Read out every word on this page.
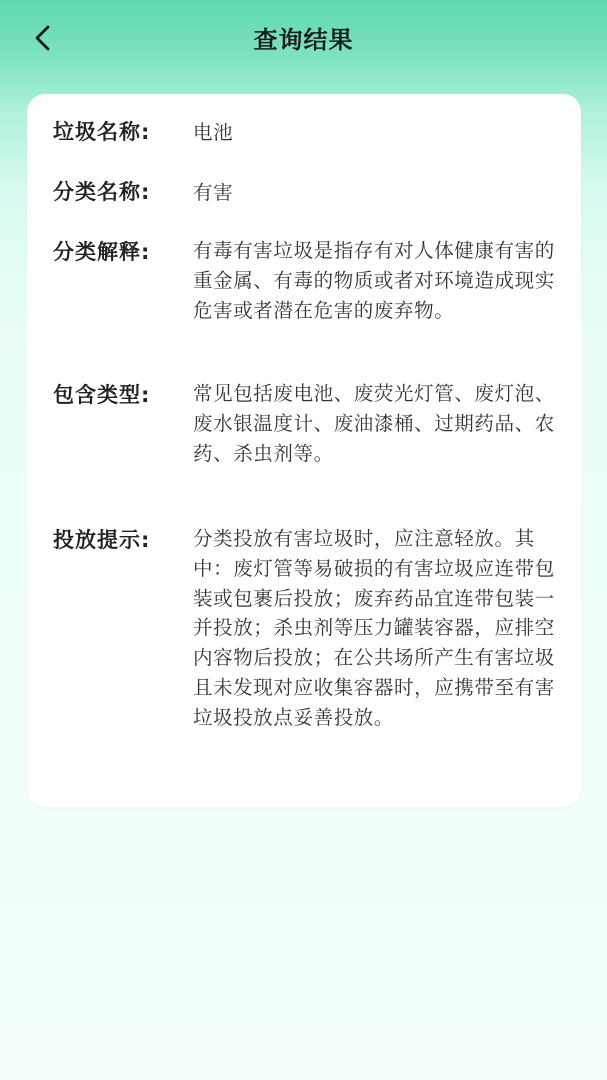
查询结果
垃圾名称:	电池
分类名称:	有害
分类解释:	有毒有害垃圾是指存有对人体健康有害的重金属、有毒的物质或者对环境造成现实危害或者潜在危害的废弃物。
包含类型:	常见包括废电池、废荧光灯管、废灯泡、废水银温度计、废油漆桶、过期药品、农药、杀虫剂等。
投放提示:	分类投放有害垃圾时，应注意轻放。其中：废灯管等易破损的有害垃圾应连带包装或包裹后投放；废弃药品宜连带包装一并投放；杀虫剂等压力罐装容器，应排空内容物后投放；在公共场所产生有害垃圾且未发现对应收集容器时，应携带至有害垃圾投放点妥善投放。
